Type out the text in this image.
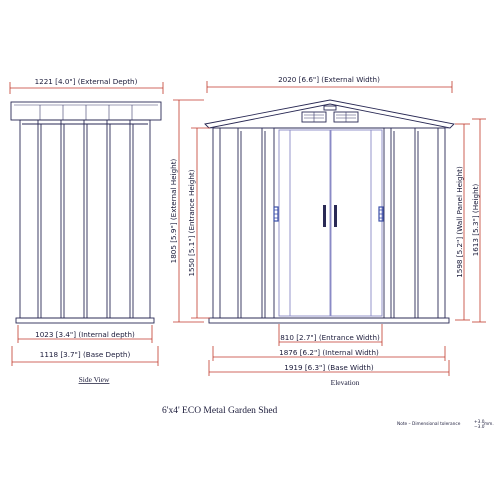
1221 [4.0"] (External Depth)
1023 [3.4"] (Internal depth)
1118 [3.7"] (Base Depth)
Side View
2020 [6.6"] (External Width)
1805 [5.9"] (External Height) 1550 [5.1"] (Entrance Height)	1598 [5.2"] (Wall Panel Height) 1613 [5.3"] (Height)
810 [2.7"] (Entrance Width)
1876 [6.2"] (Internal Width)
1919 [6.3"] (Base Width)
Elevation
6'x4' ECO Metal Garden Shed
Note – Dimensional tolerance	+3.0
−3.0
mm.
